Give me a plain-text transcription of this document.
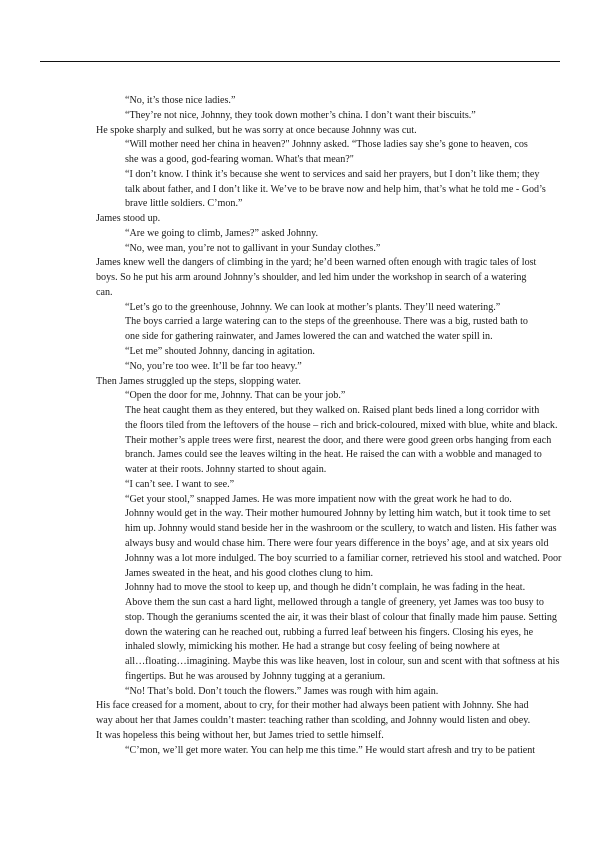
“No, it’s those nice ladies.”

“They’re not nice, Johnny, they took down mother’s china. I don’t want their biscuits.”

He spoke sharply and sulked, but he was sorry at once because Johnny was cut.

“Will mother need her china in heaven?" Johnny asked. “Those ladies say she’s gone to heaven, cos
she was a good, god-fearing woman. What's that mean?"

“I don’t know. I think it’s because she went to services and said her prayers, but I don’t like them; they
talk about father, and I don’t like it. We’ve to be brave now and help him, that’s what he told me - God’s
brave little soldiers. C’mon.”

James stood up.

“Are we going to climb, James?” asked Johnny.

“No, wee man, you’re not to gallivant in your Sunday clothes.”

James knew well the dangers of climbing in the yard; he’d been warned often enough with tragic tales of lost
boys. So he put his arm around Johnny’s shoulder, and led him under the workshop in search of a watering
can.

“Let’s go to the greenhouse, Johnny. We can look at mother’s plants. They’ll need watering.”

The boys carried a large watering can to the steps of the greenhouse. There was a big, rusted bath to
one side for gathering rainwater, and James lowered the can and watched the water spill in.

“Let me” shouted Johnny, dancing in agitation.

“No, you’re too wee. It’ll be far too heavy.”

Then James struggled up the steps, slopping water.

“Open the door for me, Johnny. That can be your job.”

The heat caught them as they entered, but they walked on. Raised plant beds lined a long corridor with
the floors tiled from the leftovers of the house – rich and brick-coloured, mixed with blue, white and black.
Their mother’s apple trees were first, nearest the door, and there were good green orbs hanging from each
branch. James could see the leaves wilting in the heat. He raised the can with a wobble and managed to
water at their roots. Johnny started to shout again.

“I can’t see. I want to see.”

“Get your stool,” snapped James. He was more impatient now with the great work he had to do.
Johnny would get in the way. Their mother humoured Johnny by letting him watch, but it took time to set
him up. Johnny would stand beside her in the washroom or the scullery, to watch and listen. His father was
always busy and would chase him. There were four years difference in the boys’ age, and at six years old
Johnny was a lot more indulged. The boy scurried to a familiar corner, retrieved his stool and watched. Poor
James sweated in the heat, and his good clothes clung to him.

Johnny had to move the stool to keep up, and though he didn’t complain, he was fading in the heat.
Above them the sun cast a hard light, mellowed through a tangle of greenery, yet James was too busy to
stop. Though the geraniums scented the air, it was their blast of colour that finally made him pause. Setting
down the watering can he reached out, rubbing a furred leaf between his fingers. Closing his eyes, he
inhaled slowly, mimicking his mother. He had a strange but cosy feeling of being nowhere at
all…floating…imagining. Maybe this was like heaven, lost in colour, sun and scent with that softness at his
fingertips. But he was aroused by Johnny tugging at a geranium.

“No! That’s bold. Don’t touch the flowers.” James was rough with him again.

His face creased for a moment, about to cry, for their mother had always been patient with Johnny. She had
way about her that James couldn’t master: teaching rather than scolding, and Johnny would listen and obey.
It was hopeless this being without her, but James tried to settle himself.

“C’mon, we’ll get more water. You can help me this time.” He would start afresh and try to be patient
